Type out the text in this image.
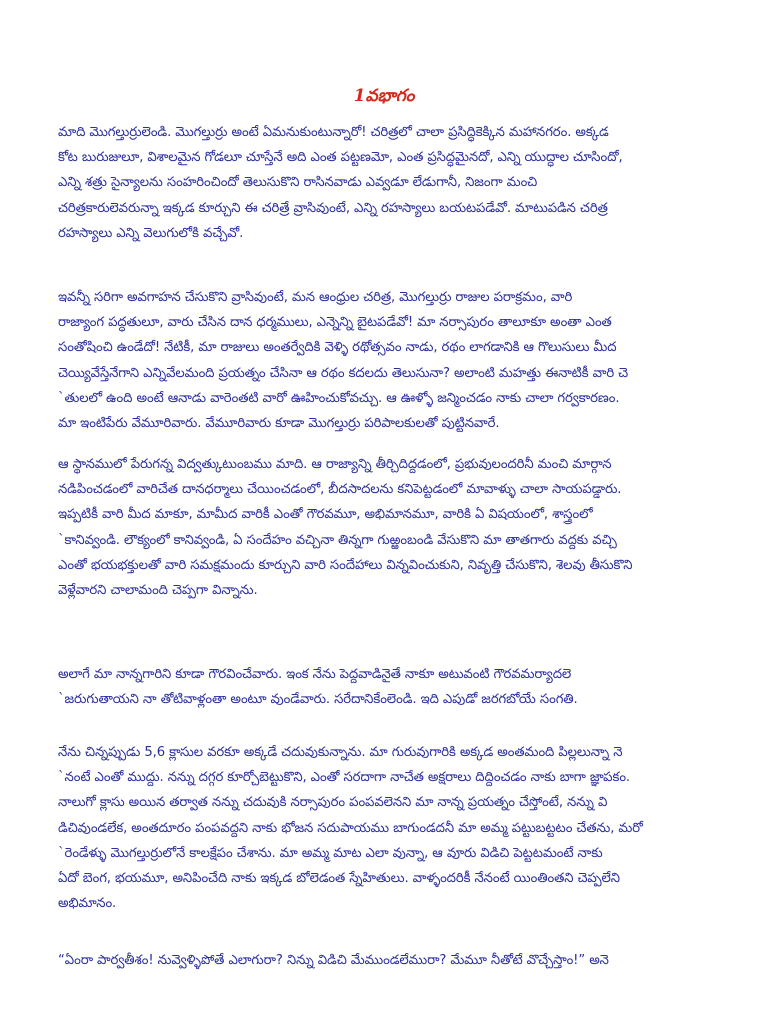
1వభాగం

మాది మొగల్తుర్రులెండి. మొగల్తుర్రు అంటే ఏమనుకుంటున్నారో! చరిత్రలో చాలా ప్రసిద్ధికెక్కిన మహానగరం. అక్కడ
కోట బురుజులూ, విశాలమైన గోడలూ చూస్తేనే అది ఎంత పట్టణమో, ఎంత ప్రసిద్ధమైనదో, ఎన్ని యుద్ధాల చూసిందో,
ఎన్ని శత్రు సైన్యాలను సంహరించిందో తెలుసుకొని రాసినవాడు ఎవ్వడూ లేడుగానీ, నిజంగా మంచి
చరిత్రకారులెవరున్నా ఇక్కడ కూర్చుని ఈ చరిత్రే వ్రాసివుంటే, ఎన్ని రహస్యాలు బయటపడేవో. మాటుపడిన చరిత్ర
రహస్యాలు ఎన్ని వెలుగులోకి వచ్చేవో.

ఇవన్నీ సరిగా అవగాహన చేసుకొని వ్రాసివుంటే, మన ఆంధ్రుల చరిత్ర, మొగల్తుర్రు రాజుల పరాక్రమం, వారి
రాజ్యాంగ పద్ధతులూ, వారు చేసిన దాన ధర్మములు, ఎన్నెన్ని బైటపడేవో! మా నర్సాపురం తాలూకూ అంతా ఎంత
సంతోషించి ఉండేదో! నేటికీ, మా రాజులు అంతర్వేదికి వెళ్ళి రథోత్సవం నాడు, రథం లాగడానికి ఆ గొలుసులు మీద
చెయ్యివేస్తేనేగాని ఎన్నివేలమంది ప్రయత్నం చేసినా ఆ రథం కదలదు తెలుసునా? అలాంటి మహత్తు ఈనాటికీ వారి చె
`తులలో ఉంది అంటే ఆనాడు వారెంతటి వారో ఊహించుకోవచ్చు. ఆ ఊళ్ళో జన్మించడం నాకు చాలా గర్వకారణం.
మా ఇంటిపేరు వేమూరివారు. వేమూరివారు కూడా మొగల్తుర్రు పరిపాలకులతో పుట్టినవారే.

ఆ స్థానములో పేరుగన్న విద్వత్కుటుంబము మాది. ఆ రాజ్యాన్ని తీర్చిదిద్దడంలో, ప్రభువులందరినీ మంచి మార్గాన
నడిపించడంలో వారిచేత దానధర్మాలు చేయించడంలో, బీదసాదలను కనిపెట్టడంలో మావాళ్ళు చాలా సాయపడ్డారు.
ఇప్పటికీ వారి మీద మాకూ, మామీద వారికీ ఎంతో గౌరవమూ, అభిమానమూ, వారికి ఏ విషయంలో, శాస్త్రంలో
`కానివ్వండి. లౌక్యంలో కానివ్వండి, ఏ సందేహం వచ్చినా తిన్నగా గుఱ్ఱంబండి వేసుకొని మా తాతగారు వద్దకు వచ్చి
ఎంతో భయభక్తులతో వారి సమక్షమందు కూర్చుని వారి సందేహాలు విన్నవించుకుని, నివృత్తి చేసుకొని, శెలవు తీసుకొని
వెళ్లేవారని చాలామంది చెప్పగా విన్నాను.

అలాగే మా నాన్నగారిని కూడా గౌరవించేవారు. ఇంక నేను పెద్దవాడినైతే నాకూ అటువంటి గౌరవమర్యాదలె
`జరుగుతాయని నా తోటివాళ్లంతా అంటూ వుండేవారు. సరేదానికేంలెండి. ఇది ఎపుడో జరగబోయే సంగతి.

నేను చిన్నప్పుడు 5,6 క్లాసుల వరకూ అక్కడే చదువుకున్నాను. మా గురువుగారికి అక్కడ అంతమంది పిల్లలున్నా నె
`నంటే ఎంతో ముద్దు. నన్ను దగ్గర కూర్చోబెట్టుకొని, ఎంతో సరదాగా నాచేత అక్షరాలు దిద్దించడం నాకు బాగా జ్ఞాపకం.
నాలుగో క్లాసు అయిన తర్వాత నన్ను చదువుకి నర్సాపురం పంపవలెనని మా నాన్న ప్రయత్నం చేస్తోంటే, నన్ను వి
డిచివుండలేక, అంతదూరం పంపవద్దని నాకు భోజన సదుపాయము బాగుండదనీ మా అమ్మ పట్టుబట్టటం చేతను, మరో
`రెండేళ్ళు మొగల్తుర్రులోనే కాలక్షేపం చేశాను. మా అమ్మ మాట ఎలా వున్నా, ఆ వూరు విడిచి పెట్టటమంటే నాకు
ఏదో బెంగ, భయమూ, అనిపించేది నాకు ఇక్కడ బోలెడంత స్నేహితులు. వాళ్ళందరికీ నేనంటే యింతింతని చెప్పలేని
అభిమానం.

“ఏంరా పార్వతీశం! నువ్వెళ్ళిపోతే ఎలాగురా? నిన్ను విడిచి మేముండలేమురా? మేమూ నీతోటే వొచ్చేస్తాం!” అనె
